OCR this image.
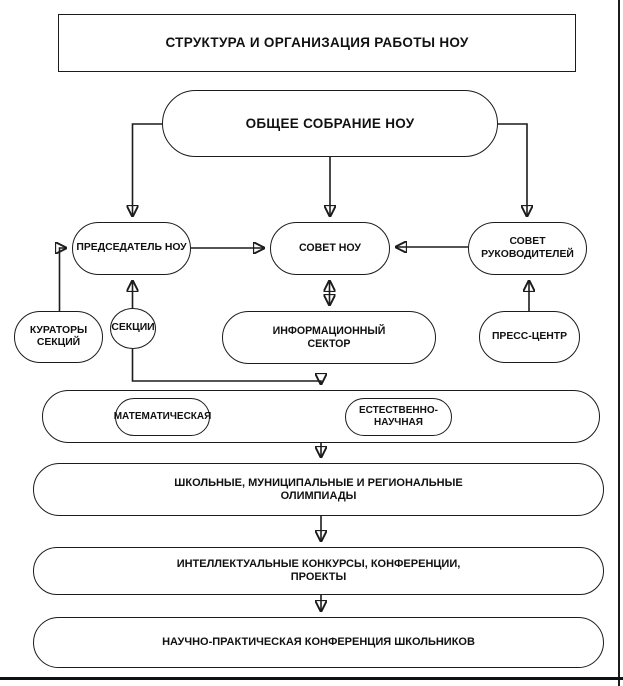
СТРУКТУРА И ОРГАНИЗАЦИЯ РАБОТЫ НОУ
ОБЩЕЕ СОБРАНИЕ НОУ
ПРЕДСЕДАТЕЛЬ НОУ	СОВЕТ НОУ
СОВЕТ РУКОВОДИТЕЛЕЙ
КУРАТОРЫ СЕКЦИЙ
СЕКЦИИ	ИНФОРМАЦИОННЫЙ СЕКТОР
ПРЕСС-ЦЕНТР
МАТЕМАТИЧЕСКАЯ
ЕСТЕСТВЕННО-НАУЧНАЯ
ШКОЛЬНЫЕ, МУНИЦИПАЛЬНЫЕ И РЕГИОНАЛЬНЫЕ ОЛИМПИАДЫ
ИНТЕЛЛЕКТУАЛЬНЫЕ КОНКУРСЫ, КОНФЕРЕНЦИИ, ПРОЕКТЫ
НАУЧНО-ПРАКТИЧЕСКАЯ КОНФЕРЕНЦИЯ ШКОЛЬНИКОВ
